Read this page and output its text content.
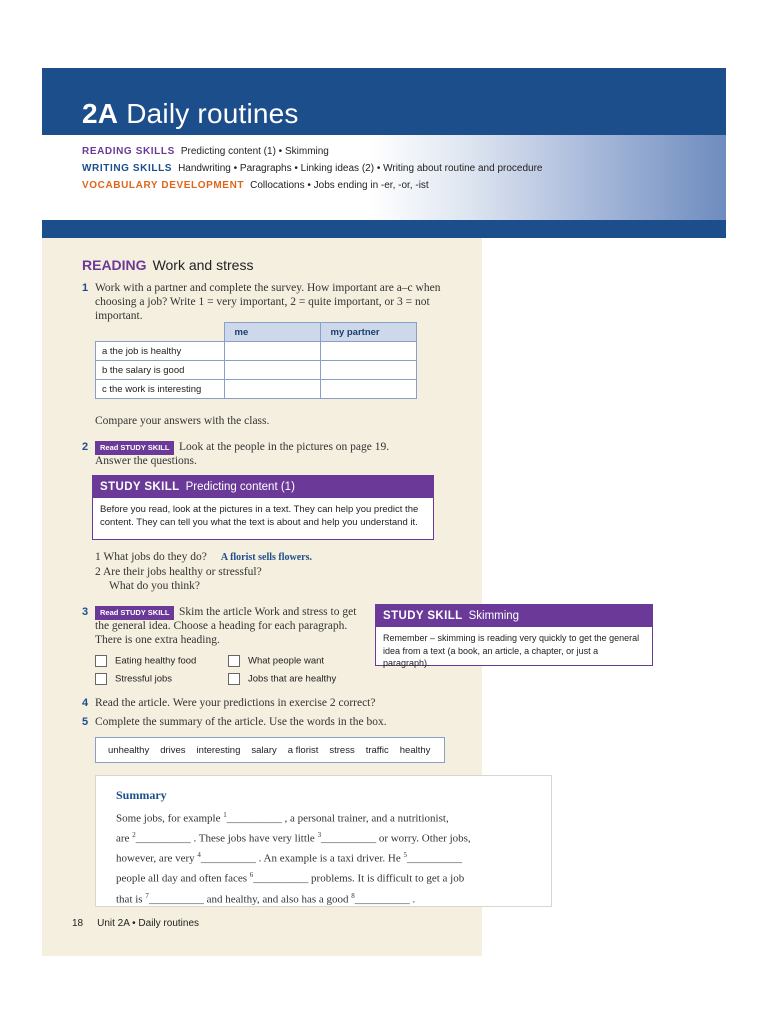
2A Daily routines
READING SKILLS Predicting content (1) • Skimming
WRITING SKILLS Handwriting • Paragraphs • Linking ideas (2) • Writing about routine and procedure
VOCABULARY DEVELOPMENT Collocations • Jobs ending in -er, -or, -ist
READING Work and stress
1 Work with a partner and complete the survey. How important are a–c when choosing a job? Write 1 = very important, 2 = quite important, or 3 = not important.
	me	my partner
a the job is healthy		
b the salary is good		
c the work is interesting		
Compare your answers with the class.
2	Read STUDY SKILL Look at the people in the pictures on page 19. Answer the questions.
STUDY SKILL Predicting content (1)
Before you read, look at the pictures in a text. They can help you predict the content. They can tell you what the text is about and help you understand it.
1 What jobs do they do? A florist sells flowers.
2 Are their jobs healthy or stressful?
What do you think?
3	Read STUDY SKILL Skim the article Work and stress to get the general idea. Choose a heading for each paragraph. There is one extra heading.
Eating healthy food	What people want
Stressful jobs	Jobs that are healthy
STUDY SKILL Skimming
Remember – skimming is reading very quickly to get the general idea from a text (a book, an article, a chapter, or just a paragraph).
4 Read the article. Were your predictions in exercise 2 correct?
5 Complete the summary of the article. Use the words in the box.
unhealthy drives interesting salary a florist stress traffic healthy
Summary
Some jobs, for example $^1$__________ , a personal trainer, and a nutritionist,
are $^2$__________ . These jobs have very little $^3$__________ or worry. Other jobs,
however, are very $^4$__________ . An example is a taxi driver. He $^5$__________
people all day and often faces $^6$__________ problems. It is difficult to get a job
that is $^7$__________ and healthy, and also has a good $^8$__________ .
18 Unit 2A • Daily routines
